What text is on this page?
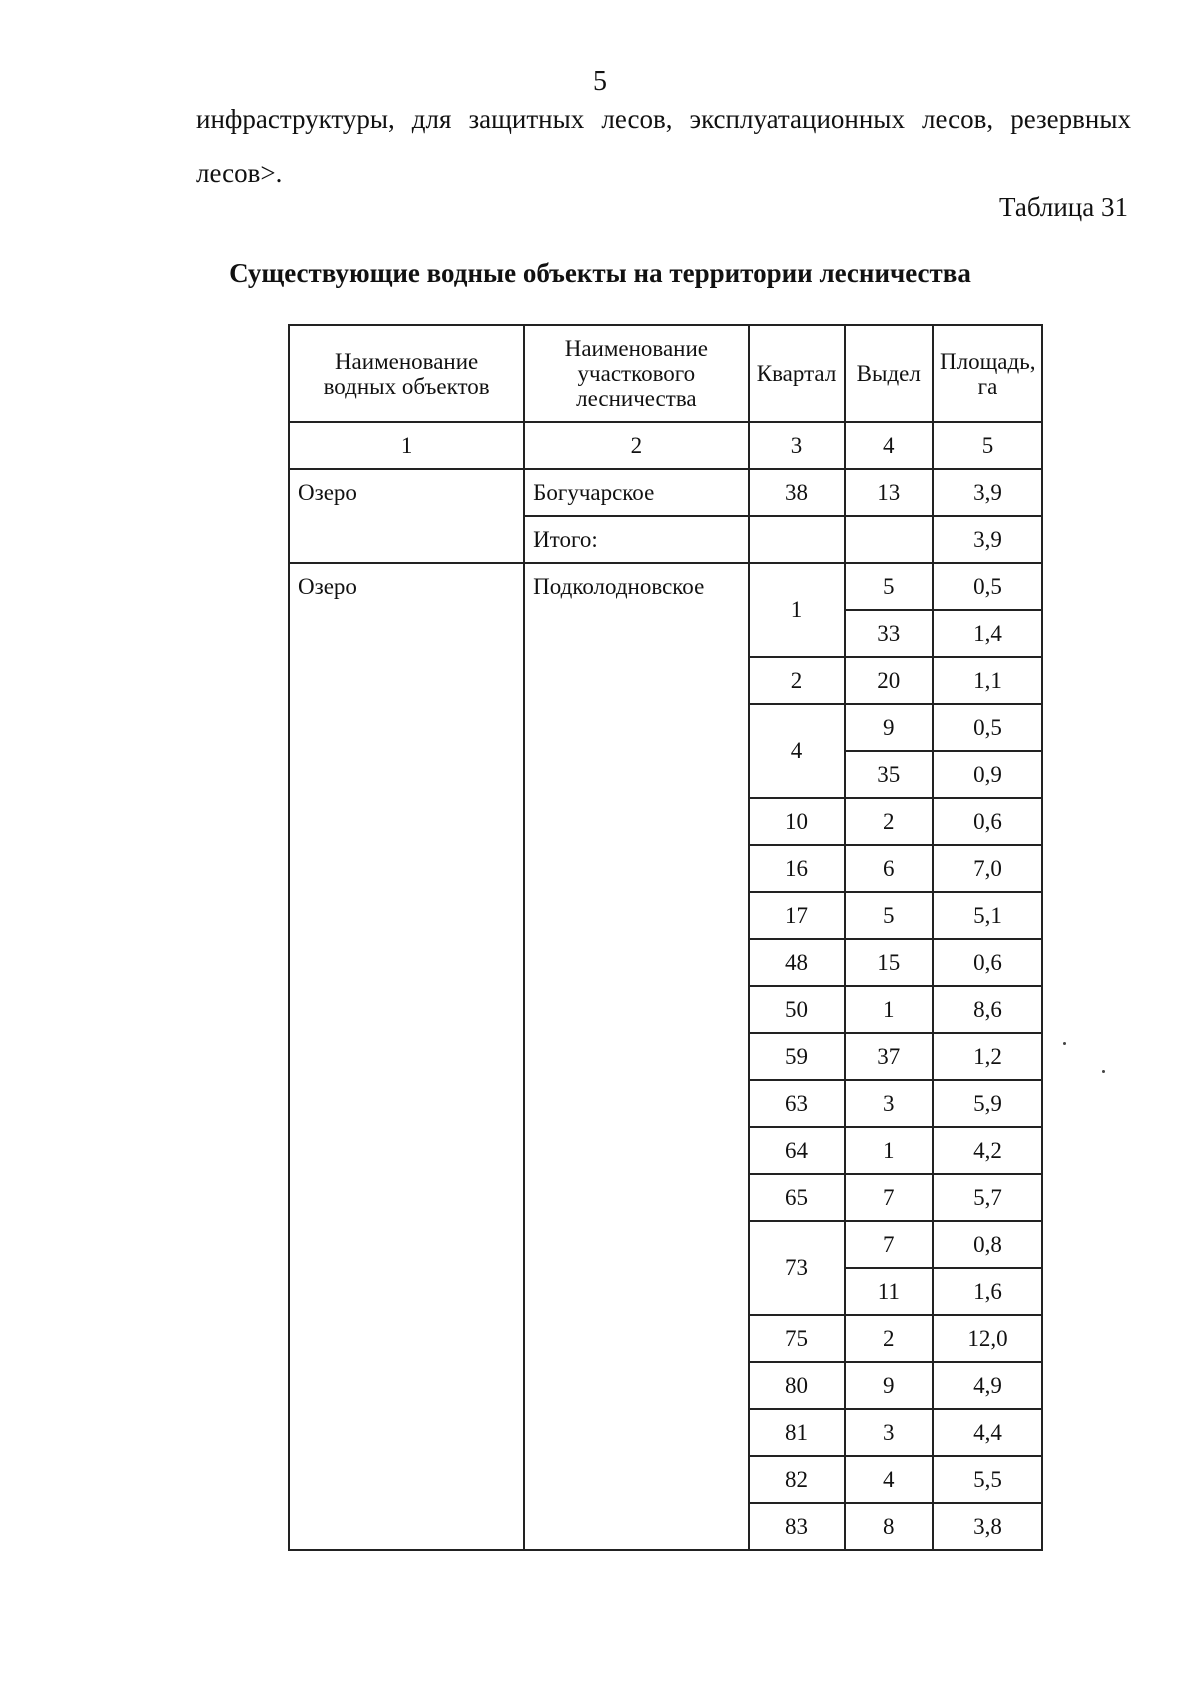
5
инфраструктуры, для защитных лесов, эксплуатационных лесов, резервных
лесов>.
Таблица 31
Существующие водные объекты на территории лесничества
Наименование водных объектов	Наименование участкового лесничества	Квартал	Выдел	Площадь, га
1	2	3	4	5
Озеро	Богучарское	38	13	3,9
	Итого:			3,9
Озеро	Подколодновское	1	5	0,5
			33	1,4
		2	20	1,1
		4	9	0,5
			35	0,9
		10	2	0,6
		16	6	7,0
		17	5	5,1
		48	15	0,6
		50	1	8,6
		59	37	1,2
		63	3	5,9
		64	1	4,2
		65	7	5,7
		73	7	0,8
			11	1,6
		75	2	12,0
		80	9	4,9
		81	3	4,4
		82	4	5,5
		83	8	3,8
